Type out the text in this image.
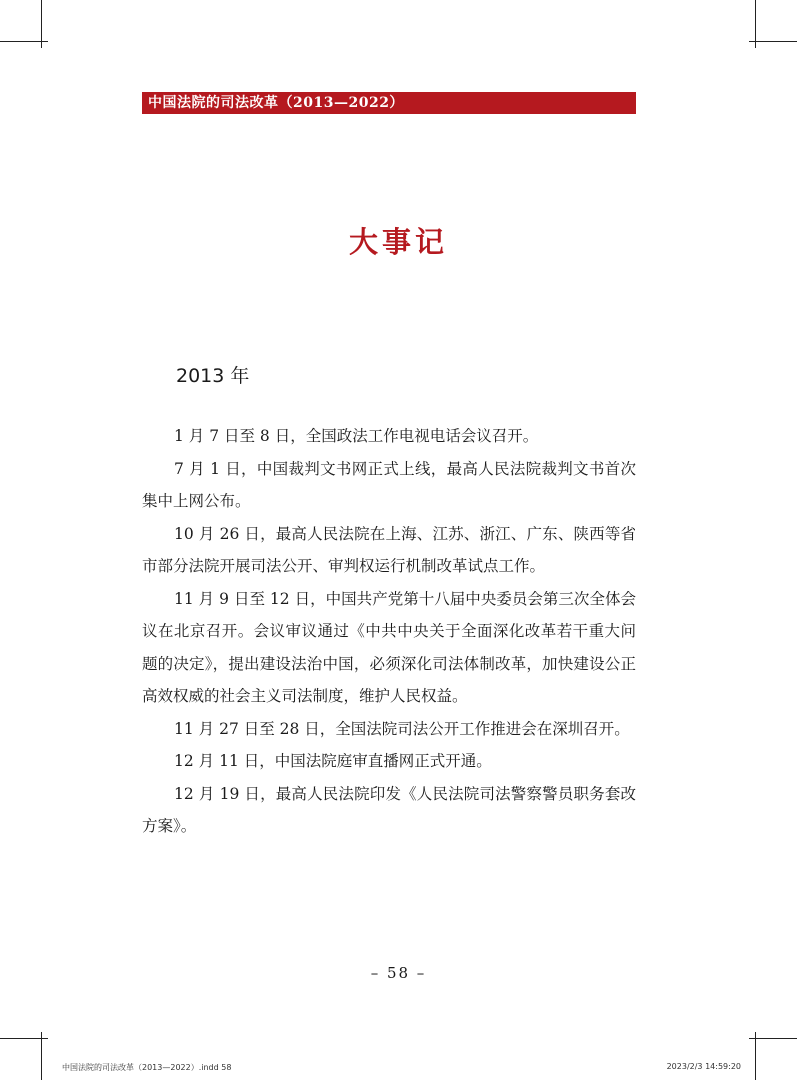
中国法院的司法改革（2013—2022）
大事记
2013 年

1 月 7 日至 8 日，全国政法工作电视电话会议召开。

7 月 1 日，中国裁判文书网正式上线，最高人民法院裁判文书首次集中上网公布。

10 月 26 日，最高人民法院在上海、江苏、浙江、广东、陕西等省市部分法院开展司法公开、审判权运行机制改革试点工作。

11 月 9 日至 12 日，中国共产党第十八届中央委员会第三次全体会议在北京召开。会议审议通过《中共中央关于全面深化改革若干重大问题的决定》，提出建设法治中国，必须深化司法体制改革，加快建设公正高效权威的社会主义司法制度，维护人民权益。

11 月 27 日至 28 日，全国法院司法公开工作推进会在深圳召开。

12 月 11 日，中国法院庭审直播网正式开通。

12 月 19 日，最高人民法院印发《人民法院司法警察警员职务套改方案》。

– 58 –
中国法院的司法改革（2013—2022）.indd 58	2023/2/3 14:59:20
